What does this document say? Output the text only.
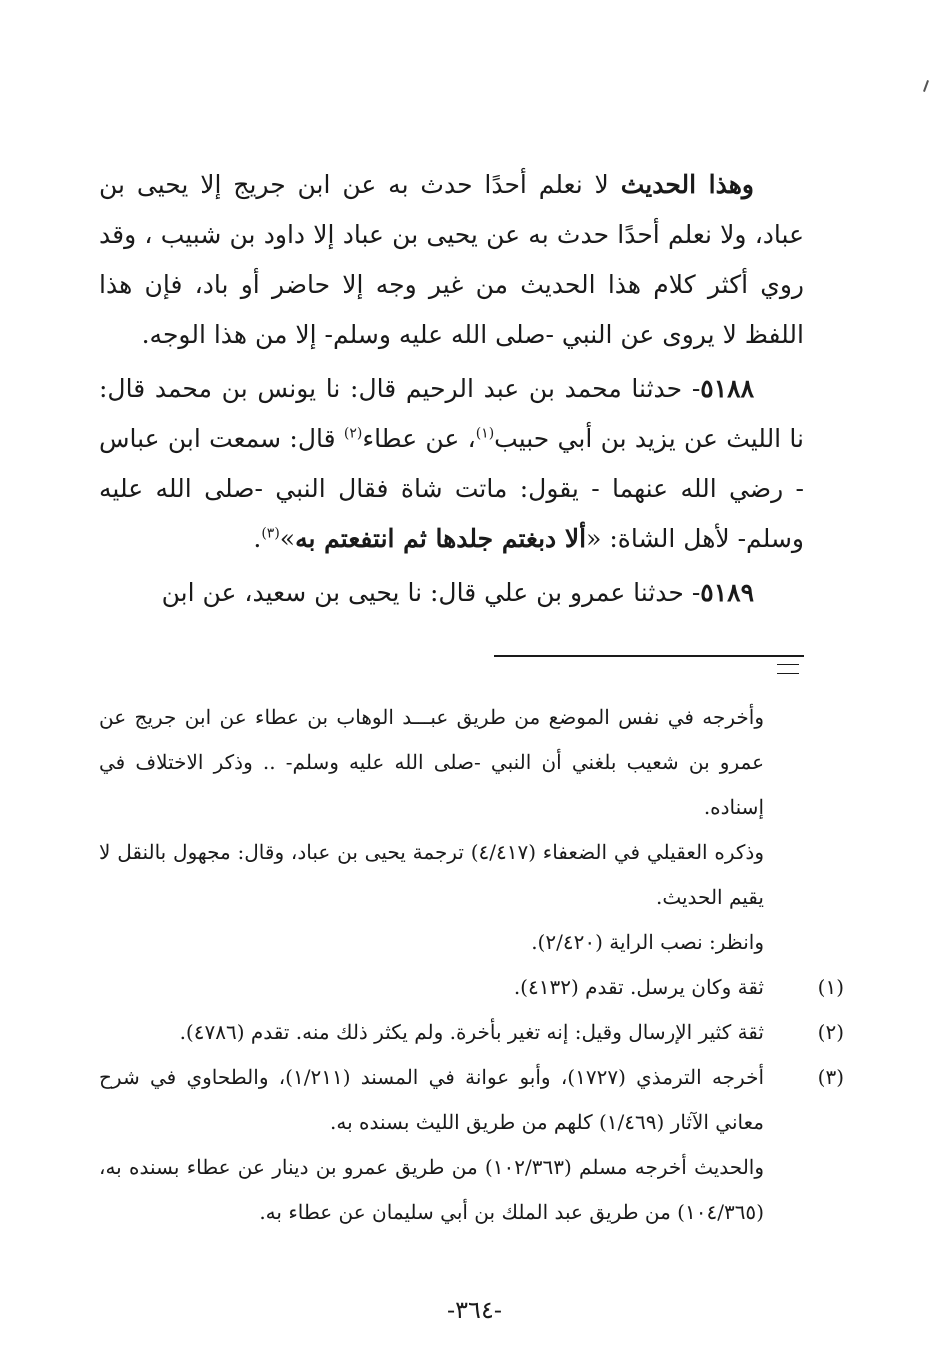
وهذا الحديث لا نعلم أحدًا حدث به عن ابن جريج إلا يحيى بن عباد، ولا نعلم أحدًا حدث به عن يحيى بن عباد إلا داود بن شبيب ، وقد روي أكثر كلام هذا الحديث من غير وجه إلا حاضر أو باد، فإن هذا اللفظ لا يروى عن النبي -صلى الله عليه وسلم- إلا من هذا الوجه.

٥١٨٨- حدثنا محمد بن عبد الرحيم قال: نا يونس بن محمد قال: نا الليث عن يزيد بن أبي حبيب$^{(١)}$، عن عطاء$^{(٢)}$ قال: سمعت ابن عباس - رضي الله عنهما - يقول: ماتت شاة فقال النبي -صلى الله عليه وسلم- لأهل الشاة: «ألا دبغتم جلدها ثم انتفعتم به»$^{(٣)}$.

٥١٨٩- حدثنا عمرو بن علي قال: نا يحيى بن سعيد، عن ابن

وأخرجه في نفس الموضع من طريق عبـــد الوهاب بن عطاء عن ابن جريج عن عمرو بن شعيب بلغني أن النبي -صلى الله عليه وسلم- .. وذكر الاختلاف في إسناده.

وذكره العقيلي في الضعفاء (٤/٤١٧) ترجمة يحيى بن عباد، وقال: مجهول بالنقل لا يقيم الحديث.

وانظر: نصب الراية (٢/٤٢٠).

(١)ثقة وكان يرسل. تقدم (٤١٣٢).

(٢)ثقة كثير الإرسال وقيل: إنه تغير بأخرة. ولم يكثر ذلك منه. تقدم (٤٧٨٦).

(٣)أخرجه الترمذي (١٧٢٧)، وأبو عوانة في المسند (١/٢١١)، والطحاوي في شرح معاني الآثار (١/٤٦٩) كلهم من طريق الليث بسنده به.

والحديث أخرجه مسلم (١٠٢/٣٦٣) من طريق عمرو بن دينار عن عطاء بسنده به، (١٠٤/٣٦٥) من طريق عبد الملك بن أبي سليمان عن عطاء به.

-٣٦٤-
